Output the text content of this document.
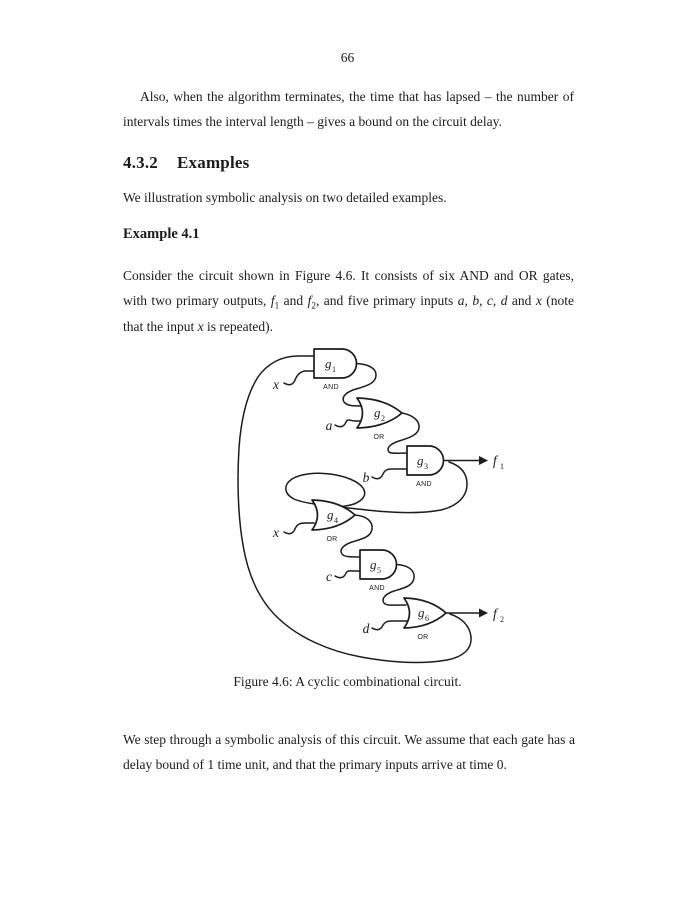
66
Also, when the algorithm terminates, the time that has lapsed – the number of intervals times the interval length – gives a bound on the circuit delay.
4.3.2 Examples
We illustration symbolic analysis on two detailed examples.
Example 4.1
Consider the circuit shown in Figure 4.6. It consists of six AND and OR gates, with two primary outputs, $f_1$ and $f_2$, and five primary inputs a, b, c, d and x (note that the input x is repeated).
g 1
AND
g 2
OR
g 3
AND
g 4
OR
g 5
AND
g 6
OR
x
a
b
x
c
d
f 1
f 2
Figure 4.6: A cyclic combinational circuit.
We step through a symbolic analysis of this circuit. We assume that each gate has a delay bound of 1 time unit, and that the primary inputs arrive at time 0.
